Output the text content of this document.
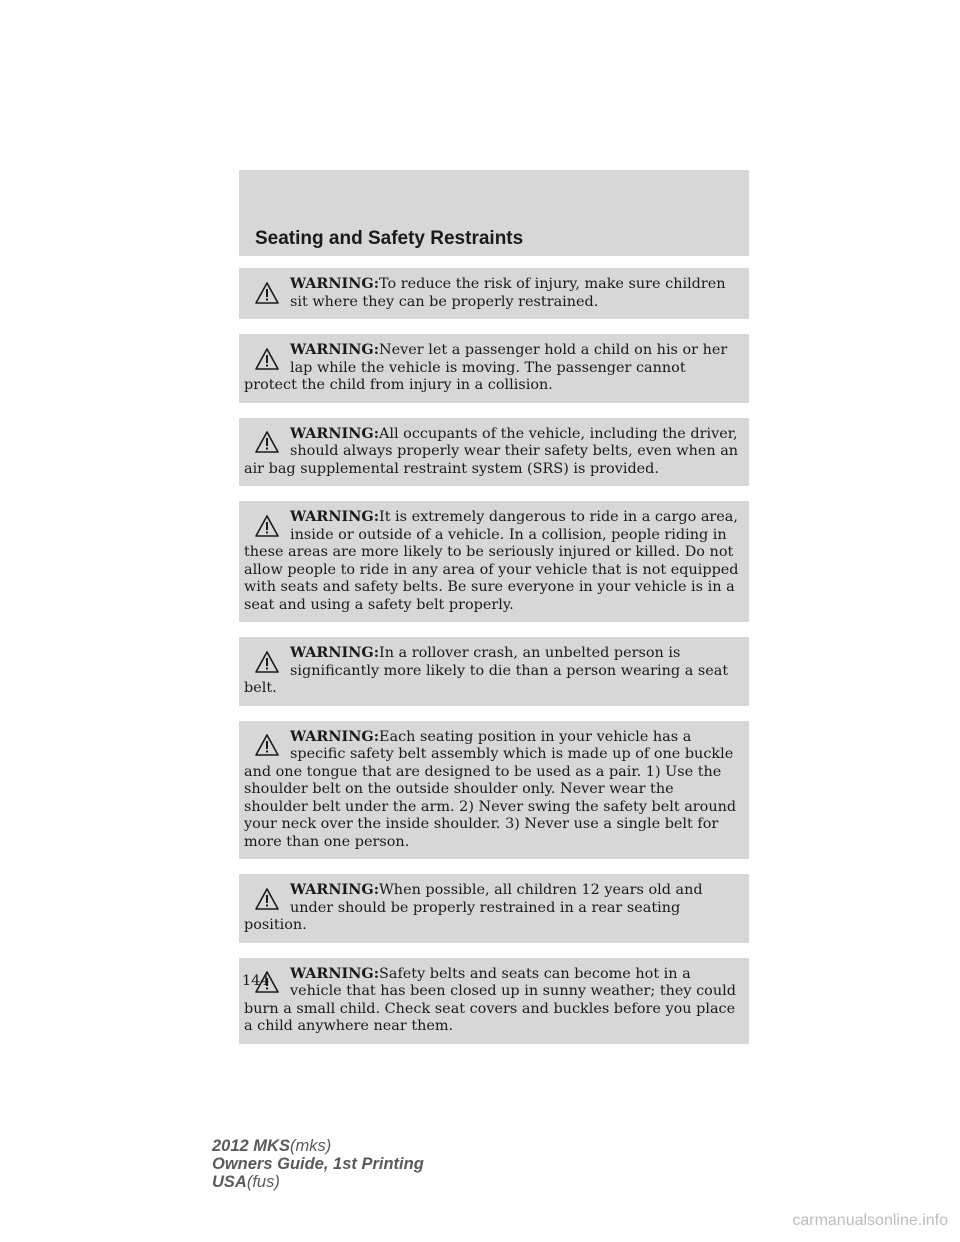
Seating and Safety Restraints

WARNING:To reduce the risk of injury, make sure children sit where they can be properly restrained.

WARNING:Never let a passenger hold a child on his or her lap while the vehicle is moving. The passenger cannot protect the child from injury in a collision.

WARNING:All occupants of the vehicle, including the driver, should always properly wear their safety belts, even when an air bag supplemental restraint system (SRS) is provided.

WARNING:It is extremely dangerous to ride in a cargo area, inside or outside of a vehicle. In a collision, people riding in these areas are more likely to be seriously injured or killed. Do not allow people to ride in any area of your vehicle that is not equipped with seats and safety belts. Be sure everyone in your vehicle is in a seat and using a safety belt properly.

WARNING:In a rollover crash, an unbelted person is significantly more likely to die than a person wearing a seat belt.

WARNING:Each seating position in your vehicle has a specific safety belt assembly which is made up of one buckle and one tongue that are designed to be used as a pair. 1) Use the shoulder belt on the outside shoulder only. Never wear the shoulder belt under the arm. 2) Never swing the safety belt around your neck over the inside shoulder. 3) Never use a single belt for more than one person.

WARNING:When possible, all children 12 years old and under should be properly restrained in a rear seating position.

WARNING:Safety belts and seats can become hot in a vehicle that has been closed up in sunny weather; they could burn a small child. Check seat covers and buckles before you place a child anywhere near them.

144

2012 MKS(mks)
Owners Guide, 1st Printing
USA(fus)

carmanualsonline.info
